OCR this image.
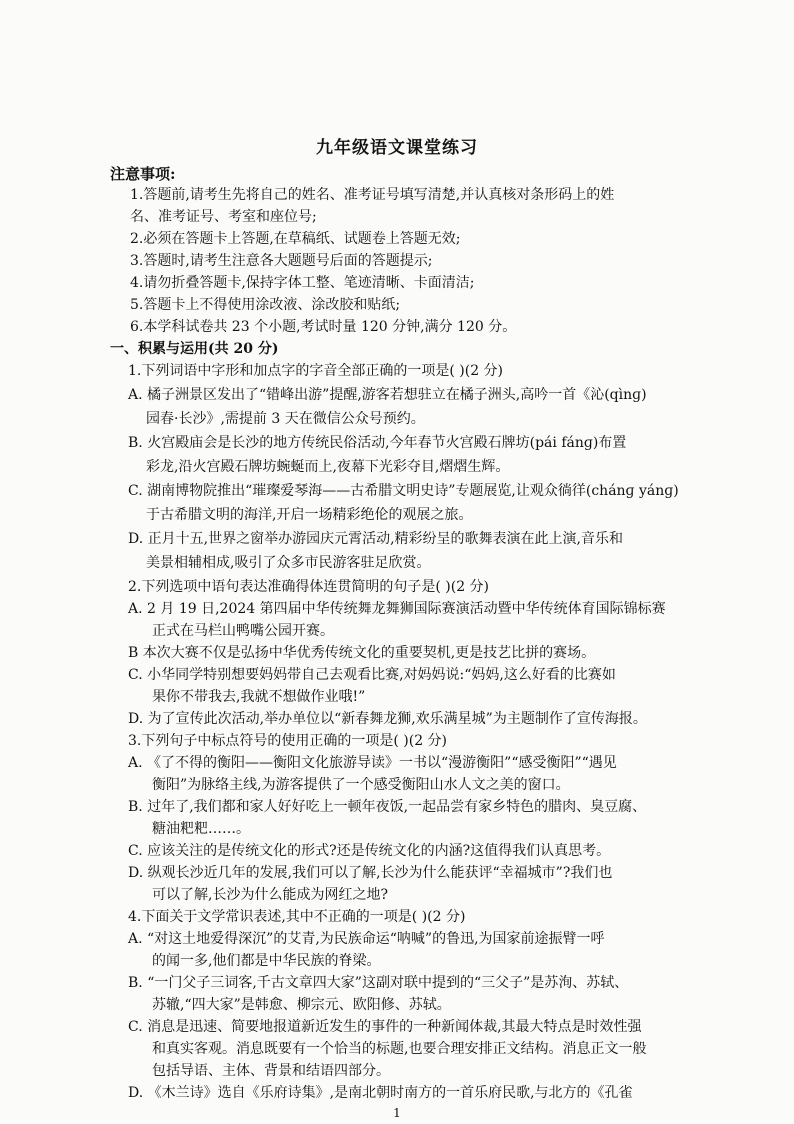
九年级语文课堂练习
注意事项:
1.答题前,请考生先将自己的姓名、准考证号填写清楚,并认真核对条形码上的姓
名、准考证号、考室和座位号;
2.必须在答题卡上答题,在草稿纸、试题卷上答题无效;
3.答题时,请考生注意各大题题号后面的答题提示;
4.请勿折叠答题卡,保持字体工整、笔迹清晰、卡面清洁;
5.答题卡上不得使用涂改液、涂改胶和贴纸;
6.本学科试卷共 23 个小题,考试时量 120 分钟,满分 120 分。
一、积累与运用(共 20 分)
1.下列词语中字形和加点字的字音全部正确的一项是( )(2 分)
A. 橘子洲景区发出了“错峰出游”提醒,游客若想驻立在橘子洲头,高吟一首《沁(qìnɡ)
园春·长沙》,需提前 3 天在微信公众号预约。
B. 火宫殿庙会是长沙的地方传统民俗活动,今年春节火宫殿石牌坊(pái fánɡ)布置
彩龙,沿火宫殿石牌坊蜿蜒而上,夜幕下光彩夺目,熠熠生辉。
C. 湖南博物院推出“璀璨爱琴海——古希腊文明史诗”专题展览,让观众徜徉(chánɡ yánɡ)
于古希腊文明的海洋,开启一场精彩绝伦的观展之旅。
D. 正月十五,世界之窗举办游园庆元霄活动,精彩纷呈的歌舞表演在此上演,音乐和
美景相辅相成,吸引了众多市民游客驻足欣赏。
2.下列选项中语句表达准确得体连贯简明的句子是( )(2 分)
A. 2 月 19 日,2024 第四届中华传统舞龙舞狮国际赛演活动暨中华传统体育国际锦标赛
正式在马栏山鸭嘴公园开赛。
B 本次大赛不仅是弘扬中华优秀传统文化的重要契机,更是技艺比拼的赛场。
C. 小华同学特别想要妈妈带自己去观看比赛,对妈妈说:“妈妈,这么好看的比赛如
果你不带我去,我就不想做作业哦!”
D. 为了宣传此次活动,举办单位以“新春舞龙狮,欢乐满星城”为主题制作了宣传海报。
3.下列句子中标点符号的使用正确的一项是( )(2 分)
A. 《了不得的衡阳——衡阳文化旅游导读》一书以“漫游衡阳”“感受衡阳”“遇见
衡阳”为脉络主线,为游客提供了一个感受衡阳山水人文之美的窗口。
B. 过年了,我们都和家人好好吃上一顿年夜饭,一起品尝有家乡特色的腊肉、臭豆腐、
糖油粑粑……。
C. 应该关注的是传统文化的形式?还是传统文化的内涵?这值得我们认真思考。
D. 纵观长沙近几年的发展,我们可以了解,长沙为什么能获评“幸福城市”?我们也
可以了解,长沙为什么能成为网红之地?
4.下面关于文学常识表述,其中不正确的一项是( )(2 分)
A. “对这土地爱得深沉”的艾青,为民族命运“呐喊”的鲁迅,为国家前途振臂一呼
的闻一多,他们都是中华民族的脊梁。
B. “一门父子三词客,千古文章四大家”这副对联中提到的“三父子”是苏洵、苏轼、
苏辙,“四大家”是韩愈、柳宗元、欧阳修、苏轼。
C. 消息是迅速、简要地报道新近发生的事件的一种新闻体裁,其最大特点是时效性强
和真实客观。消息既要有一个恰当的标题,也要合理安排正文结构。消息正文一般
包括导语、主体、背景和结语四部分。
D. 《木兰诗》选自《乐府诗集》,是南北朝时南方的一首乐府民歌,与北方的《孔雀
1
